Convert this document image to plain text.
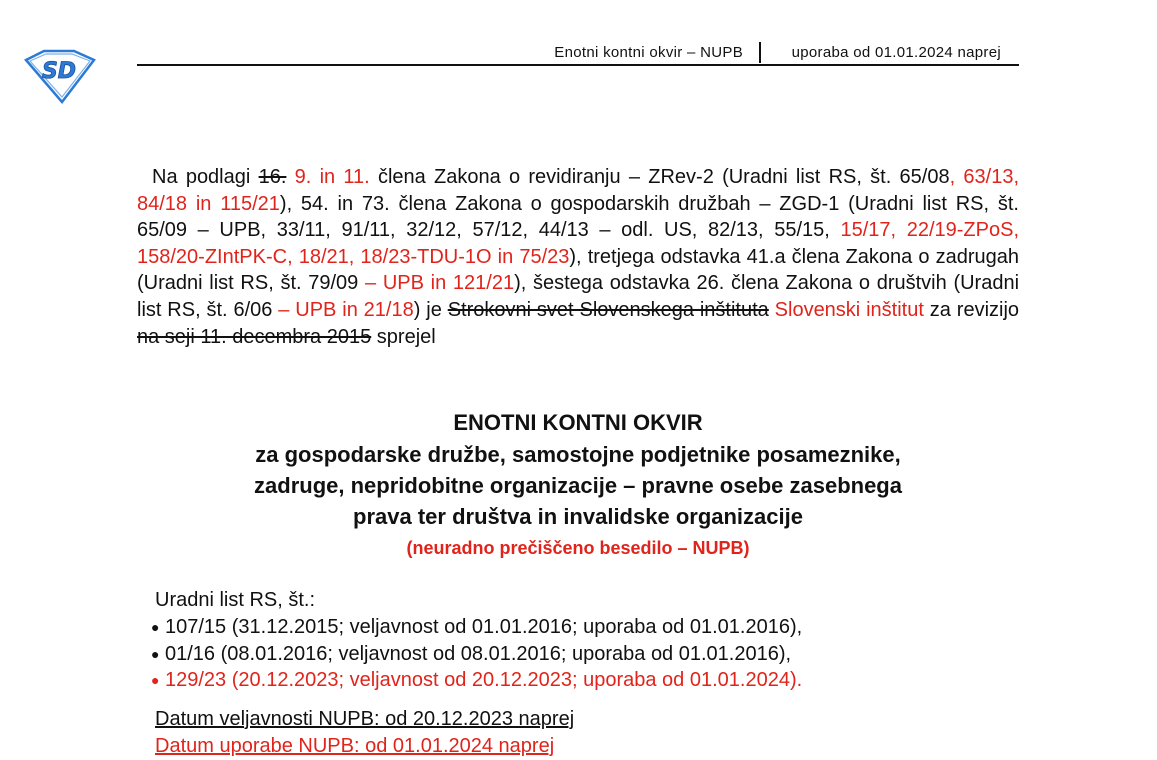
SD
Enotni kontni okvir – NUPB	uporaba od 01.01.2024 naprej
Na podlagi 16. 9. in 11. člena Zakona o revidiranju – ZRev-2 (Uradni list RS, št. 65/08, 63/13, 84/18 in 115/21), 54. in 73. člena Zakona o gospodarskih družbah – ZGD-1 (Uradni list RS, št. 65/09 – UPB, 33/11, 91/11, 32/12, 57/12, 44/13 – odl. US, 82/13, 55/15, 15/17, 22/19-ZPoS, 158/20-ZIntPK-C, 18/21, 18/23-TDU-1O in 75/23), tretjega odstavka 41.a člena Zakona o zadrugah (Uradni list RS, št. 79/09 – UPB in 121/21), šestega odstavka 26. člena Zakona o društvih (Uradni list RS, št. 6/06 – UPB in 21/18) je Strokovni svet Slovenskega inštituta Slovenski inštitut za revizijo na seji 11. decembra 2015 sprejel
ENOTNI KONTNI OKVIR
za gospodarske družbe, samostojne podjetnike posameznike,
zadruge, nepridobitne organizacije – pravne osebe zasebnega
prava ter društva in invalidske organizacije
(neuradno prečiščeno besedilo – NUPB)
Uradni list RS, št.:
● 107/15 (31.12.2015; veljavnost od 01.01.2016; uporaba od 01.01.2016),
● 01/16 (08.01.2016; veljavnost od 08.01.2016; uporaba od 01.01.2016),
● 129/23 (20.12.2023; veljavnost od 20.12.2023; uporaba od 01.01.2024).
Datum veljavnosti NUPB: od 20.12.2023 naprej
Datum uporabe NUPB: od 01.01.2024 naprej
